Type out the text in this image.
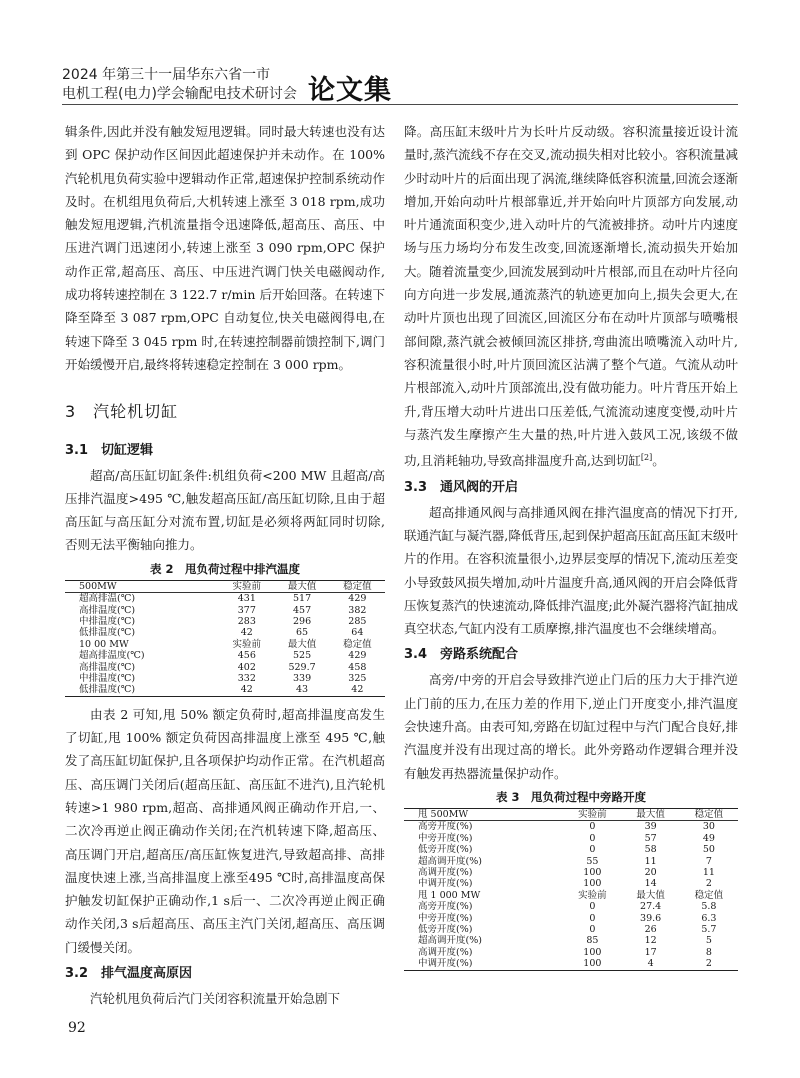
2024 年第三十一届华东六省一市
电机工程(电力)学会输配电技术研讨会 论文集

辑条件,因此并没有触发短甩逻辑。同时最大转速也没有达到 OPC 保护动作区间因此超速保护并未动作。在 100% 汽轮机甩负荷实验中逻辑动作正常,超速保护控制系统动作及时。在机组甩负荷后,大机转速上涨至 3 018 rpm,成功触发短甩逻辑,汽机流量指令迅速降低,超高压、高压、中压进汽调门迅速闭小,转速上涨至 3 090 rpm,OPC 保护动作正常,超高压、高压、中压进汽调门快关电磁阀动作,成功将转速控制在 3 122.7 r/min 后开始回落。在转速下降至降至 3 087 rpm,OPC 自动复位,快关电磁阀得电,在转速下降至 3 045 rpm 时,在转速控制器前馈控制下,调门开始缓慢开启,最终将转速稳定控制在 3 000 rpm。

3　汽轮机切缸
3.1　切缸逻辑

超高/高压缸切缸条件:机组负荷<200 MW 且超高/高压排汽温度>495 ℃,触发超高压缸/高压缸切除,且由于超高压缸与高压缸分对流布置,切缸是必须将两缸同时切除,否则无法平衡轴向推力。

表 2　甩负荷过程中排汽温度
500MW	实验前	最大值	稳定值
超高排温(℃)	431	517	429
高排温度(℃)	377	457	382
中排温度(℃)	283	296	285
低排温度(℃)	42	65	64
10 00 MW	实验前	最大值	稳定值
超高排温度(℃)	456	525	429
高排温度(℃)	402	529.7	458
中排温度(℃)	332	339	325
低排温度(℃)	42	43	42

由表 2 可知,甩 50% 额定负荷时,超高排温度高发生了切缸,甩 100% 额定负荷因高排温度上涨至 495 ℃,触发了高压缸切缸保护,且各项保护均动作正常。在汽机超高压、高压调门关闭后(超高压缸、高压缸不进汽),且汽轮机转速>1 980 rpm,超高、高排通风阀正确动作开启,一、二次冷再逆止阀正确动作关闭;在汽机转速下降,超高压、高压调门开启,超高压/高压缸恢复进汽,导致超高排、高排温度快速上涨,当高排温度上涨至495 ℃时,高排温度高保护触发切缸保护正确动作,1 s后一、二次冷再逆止阀正确动作关闭,3 s后超高压、高压主汽门关闭,超高压、高压调门缓慢关闭。

3.2　排气温度高原因

汽轮机甩负荷后汽门关闭容积流量开始急剧下

降。高压缸末级叶片为长叶片反动级。容积流量接近设计流量时,蒸汽流线不存在交叉,流动损失相对比较小。容积流量减少时动叶片的后面出现了涡流,继续降低容积流量,回流会逐渐增加,开始向动叶片根部靠近,并开始向叶片顶部方向发展,动叶片通流面积变少,进入动叶片的气流被排挤。动叶片内速度场与压力场均分布发生改变,回流逐渐增长,流动损失开始加大。随着流量变少,回流发展到动叶片根部,而且在动叶片径向向方向进一步发展,通流蒸汽的轨迹更加向上,损失会更大,在动叶片顶也出现了回流区,回流区分布在动叶片顶部与喷嘴根部间隙,蒸汽就会被倾回流区排挤,弯曲流出喷嘴流入动叶片,容积流量很小时,叶片顶回流区沾满了整个气道。气流从动叶片根部流入,动叶片顶部流出,没有做功能力。叶片背压开始上升,背压增大动叶片进出口压差低,气流流动速度变慢,动叶片与蒸汽发生摩擦产生大量的热,叶片进入鼓风工况,该级不做功,且消耗轴功,导致高排温度升高,达到切缸[2]。

3.3　通风阀的开启

超高排通风阀与高排通风阀在排汽温度高的情况下打开,联通汽缸与凝汽器,降低背压,起到保护超高压缸高压缸末级叶片的作用。在容积流量很小,边界层变厚的情况下,流动压差变小导致鼓风损失增加,动叶片温度升高,通风阀的开启会降低背压恢复蒸汽的快速流动,降低排汽温度;此外凝汽器将汽缸抽成真空状态,气缸内没有工质摩擦,排汽温度也不会继续增高。

3.4　旁路系统配合

高旁/中旁的开启会导致排汽逆止门后的压力大于排汽逆止门前的压力,在压力差的作用下,逆止门开度变小,排汽温度会快速升高。由表可知,旁路在切缸过程中与汽门配合良好,排汽温度并没有出现过高的增长。此外旁路动作逻辑合理并没有触发再热器流量保护动作。

表 3　甩负荷过程中旁路开度
甩 500MW	实验前	最大值	稳定值
高旁开度(%)	0	39	30
中旁开度(%)	0	57	49
低旁开度(%)	0	58	50
超高调开度(%)	55	11	7
高调开度(%)	100	20	11
中调开度(%)	100	14	2
甩 1 000 MW	实验前	最大值	稳定值
高旁开度(%)	0	27.4	5.8
中旁开度(%)	0	39.6	6.3
低旁开度(%)	0	26	5.7
超高调开度(%)	85	12	5
高调开度(%)	100	17	8
中调开度(%)	100	4	2
92
